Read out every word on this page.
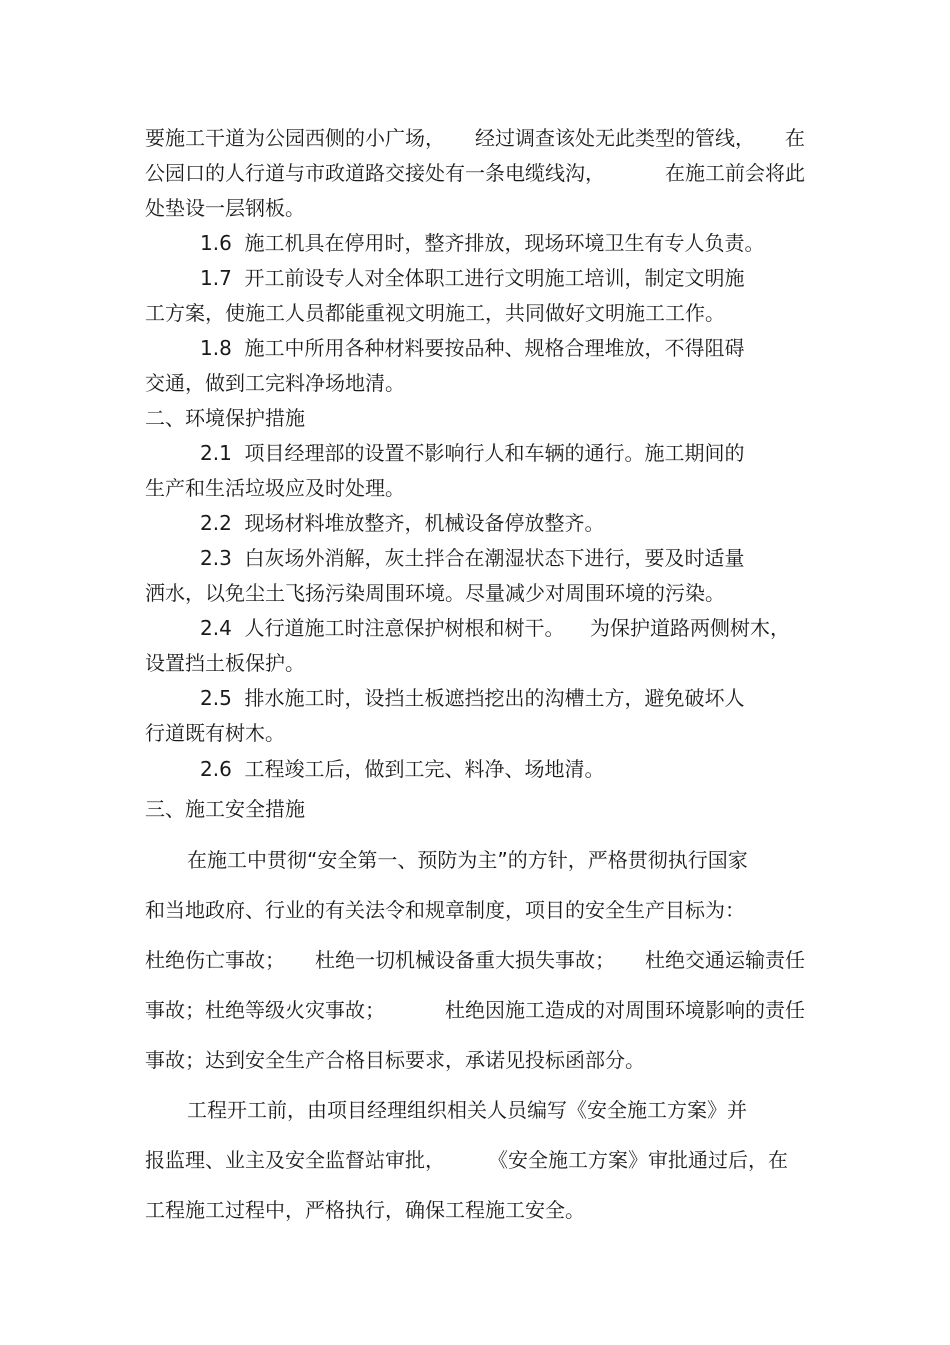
要施工干道为公园西侧的小广场， 经过调查该处无此类型的管线， 在
公园口的人行道与市政道路交接处有一条电缆线沟，	在施工前会将此
处垫设一层钢板。
1.6  施工机具在停用时，整齐排放，现场环境卫生有专人负责。
1.7  开工前设专人对全体职工进行文明施工培训，制定文明施
工方案，使施工人员都能重视文明施工，共同做好文明施工工作。
1.8  施工中所用各种材料要按品种、规格合理堆放，不得阻碍
交通，做到工完料净场地清。
二、环境保护措施
2.1  项目经理部的设置不影响行人和车辆的通行。施工期间的
生产和生活垃圾应及时处理。
2.2  现场材料堆放整齐，机械设备停放整齐。
2.3  白灰场外消解，灰土拌合在潮湿状态下进行，要及时适量
洒水，以免尘土飞扬污染周围环境。尽量减少对周围环境的污染。
2.4  人行道施工时注意保护树根和树干。 为保护道路两侧树木，
设置挡土板保护。
2.5  排水施工时，设挡土板遮挡挖出的沟槽土方，避免破坏人
行道既有树木。
2.6  工程竣工后，做到工完、料净、场地清。
三、施工安全措施
在施工中贯彻“安全第一、预防为主”的方针，严格贯彻执行国家
和当地政府、行业的有关法令和规章制度，项目的安全生产目标为：
杜绝伤亡事故； 杜绝一切机械设备重大损失事故； 杜绝交通运输责任
事故；杜绝等级火灾事故；	杜绝因施工造成的对周围环境影响的责任
事故；达到安全生产合格目标要求，承诺见投标函部分。
工程开工前，由项目经理组织相关人员编写《安全施工方案》并
报监理、业主及安全监督站审批， 《安全施工方案》审批通过后，在
工程施工过程中，严格执行，确保工程施工安全。
